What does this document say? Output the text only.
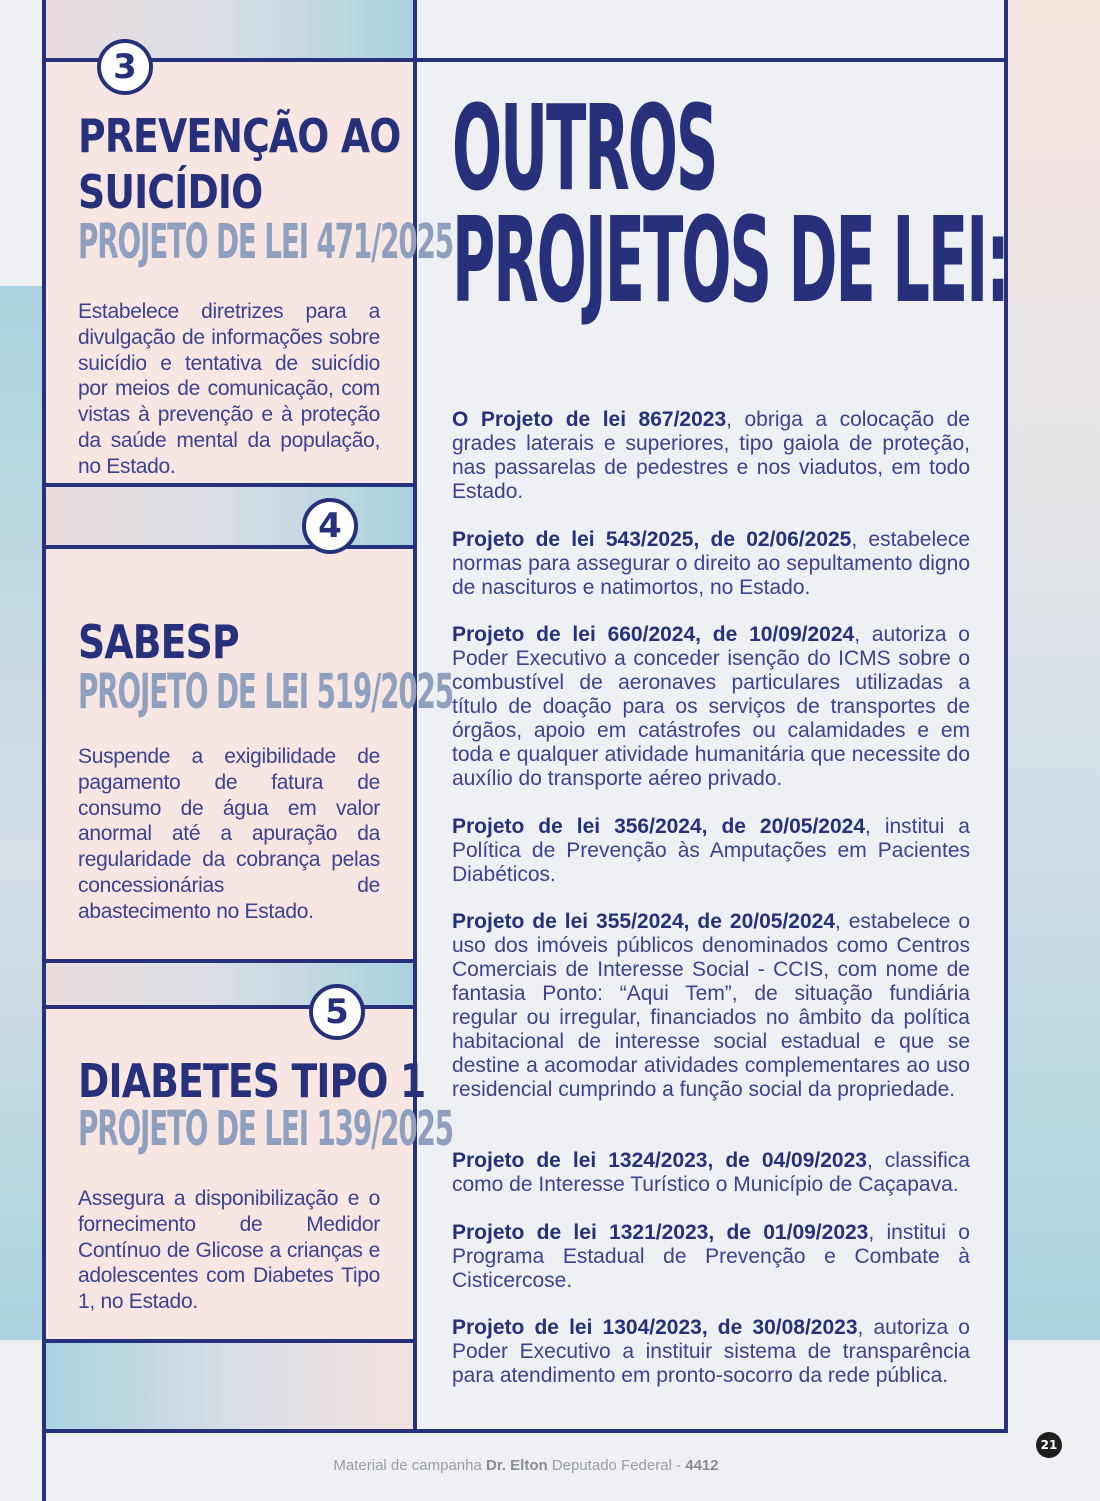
3
PREVENÇÃO AO
SUICÍDIO
PROJETO DE LEI 471/2025
Estabelece diretrizes para a divulgação de informações sobre suicídio e tentativa de suicídio por meios de comunicação, com vistas à prevenção e à proteção da saúde mental da população, no Estado.
4
SABESP
PROJETO DE LEI 519/2025
Suspende a exigibilidade de pagamento de fatura de consumo de água em valor anormal até a apuração da regularidade da cobrança pelas concessionárias de abastecimento no Estado.
5
DIABETES TIPO 1
PROJETO DE LEI 139/2025
Assegura a disponibilização e o fornecimento de Medidor Contínuo de Glicose a crianças e adolescentes com Diabetes Tipo 1, no Estado.
OUTROS
PROJETOS DE LEI:
O Projeto de lei 867/2023, obriga a colocação de grades laterais e superiores, tipo gaiola de proteção, nas passarelas de pedestres e nos viadutos, em todo Estado.
Projeto de lei 543/2025, de 02/06/2025, estabelece normas para assegurar o direito ao sepultamento digno de nascituros e natimortos, no Estado.
Projeto de lei 660/2024, de 10/09/2024, autoriza o Poder Executivo a conceder isenção do ICMS sobre o combustível de aeronaves particulares utilizadas a título de doação para os serviços de transportes de órgãos, apoio em catástrofes ou calamidades e em toda e qualquer atividade humanitária que necessite do auxílio do transporte aéreo privado.
Projeto de lei 356/2024, de 20/05/2024, institui a Política de Prevenção às Amputações em Pacientes Diabéticos.
Projeto de lei 355/2024, de 20/05/2024, estabelece o uso dos imóveis públicos denominados como Centros Comerciais de Interesse Social - CCIS, com nome de fantasia Ponto: “Aqui Tem”, de situação fundiária regular ou irregular, financiados no âmbito da política habitacional de interesse social estadual e que se destine a acomodar atividades complementares ao uso residencial cumprindo a função social da propriedade.
Projeto de lei 1324/2023, de 04/09/2023, classifica como de Interesse Turístico o Município de Caçapava.
Projeto de lei 1321/2023, de 01/09/2023, institui o Programa Estadual de Prevenção e Combate à Cisticercose.
Projeto de lei 1304/2023, de 30/08/2023, autoriza o Poder Executivo a instituir sistema de transparência para atendimento em pronto-socorro da rede pública.
Material de campanha Dr. Elton Deputado Federal - 4412
21
